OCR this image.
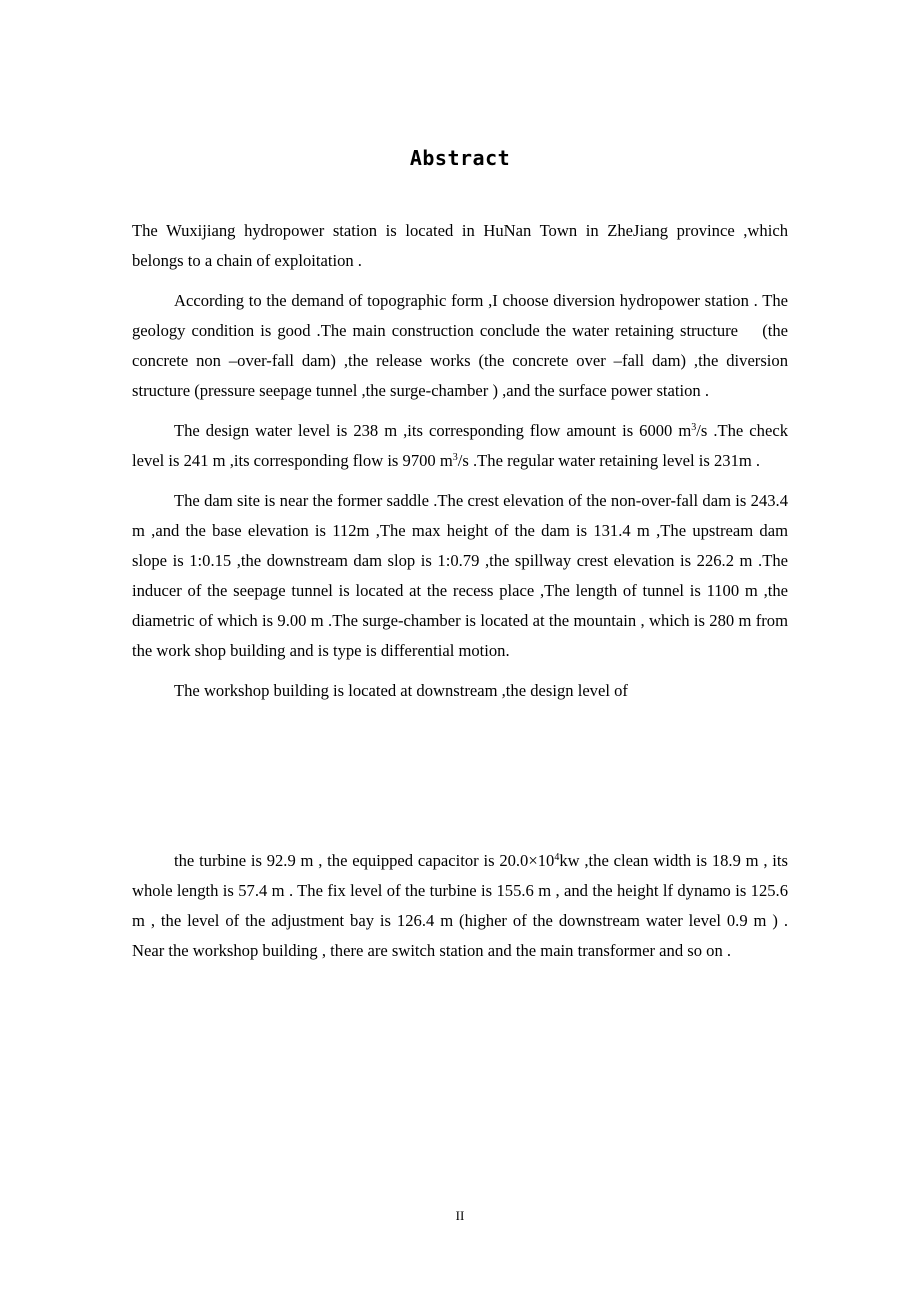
Abstract

The Wuxijiang hydropower station is located in HuNan Town in ZheJiang province ,which belongs to a chain of exploitation .

According to the demand of topographic form ,I choose diversion hydropower station . The geology condition is good .The main construction conclude the water retaining structure    (the concrete non –over-fall dam) ,the release works (the concrete over –fall dam) ,the diversion structure (pressure seepage tunnel ,the surge-chamber ) ,and the surface power station .

The design water level is 238 m ,its corresponding flow amount is 6000 $m^3/s$ .The check level is 241 m ,its corresponding flow is 9700 $m^3/s$ .The regular water retaining level is 231m .

The dam site is near the former saddle .The crest elevation of the non-over-fall dam is 243.4 m ,and the base elevation is 112m ,The max height of the dam is 131.4 m ,The upstream dam slope is 1:0.15 ,the downstream dam slop is 1:0.79 ,the spillway crest elevation is 226.2 m .The inducer of the seepage tunnel is located at the recess place ,The length of tunnel is 1100 m ,the diametric of which is 9.00 m .The surge-chamber is located at the mountain , which is 280 m from the work shop building and is type is differential motion.

The workshop building is located at downstream ,the design level of

the turbine is 92.9 m , the equipped capacitor is $20.0\times 10^4kw$ ,the clean width is 18.9 m , its whole length is 57.4 m . The fix level of the turbine is 155.6 m , and the height lf dynamo is 125.6 m , the level of the adjustment bay is 126.4 m (higher of the downstream water level 0.9 m ) . Near the workshop building , there are switch station and the main transformer and so on .

II
